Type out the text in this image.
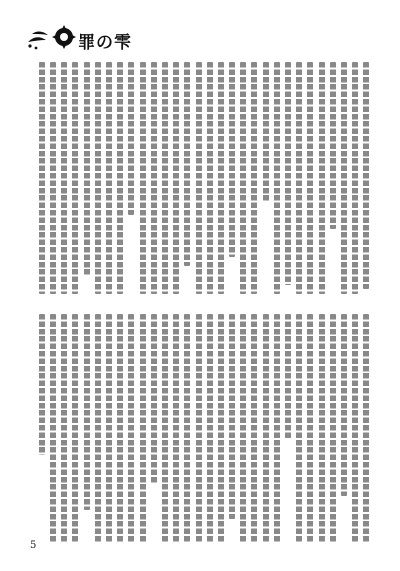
罪の雫
5
